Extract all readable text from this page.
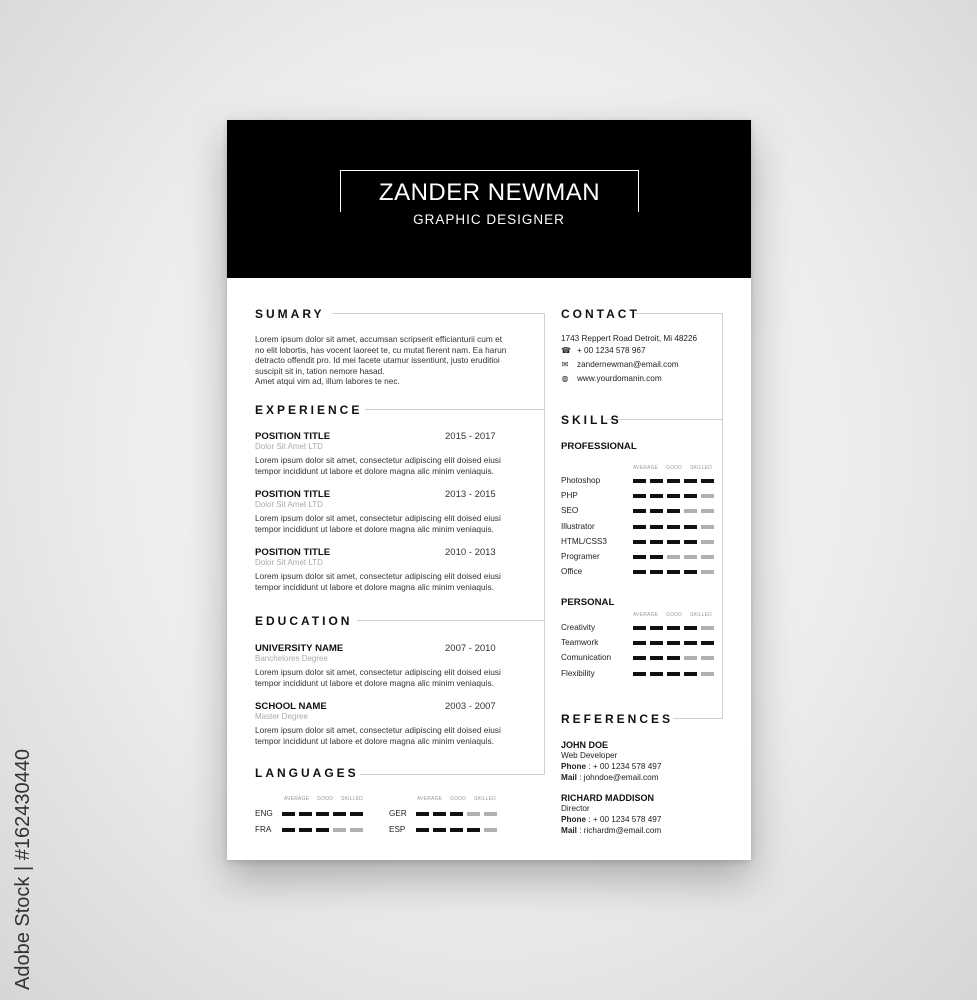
Adobe Stock | #162430440
ZANDER NEWMAN
GRAPHIC DESIGNER
SUMARY
Lorem ipsum dolor sit amet, accumsan scripserit efficianturii cum et
no elit lobortis, has vocent laoreet te, cu mutat fierent nam. Ea harun
detracto offendit pro. Id mei facete utamur issentiunt, justo eruditioi
suscipit sit in, tation nemore hasad.
Amet atqui vim ad, illum labores te nec.
EXPERIENCE
POSITION TITLE	2015 - 2017
Dolor Sit Amet LTD
Lorem ipsum dolor sit amet, consectetur adipiscing elit doised eiusi
tempor incididunt ut labore et dolore magna alic minim veniaquis.
POSITION TITLE	2013 - 2015
Dolor Sit Amet LTD
Lorem ipsum dolor sit amet, consectetur adipiscing elit doised eiusi
tempor incididunt ut labore et dolore magna alic minim veniaquis.
POSITION TITLE	2010 - 2013
Dolor Sit Amet LTD
Lorem ipsum dolor sit amet, consectetur adipiscing elit doised eiusi
tempor incididunt ut labore et dolore magna alic minim veniaquis.
EDUCATION
UNIVERSITY NAME	2007 - 2010
Banchelores Degree
Lorem ipsum dolor sit amet, consectetur adipiscing elit doised eiusi
tempor incididunt ut labore et dolore magna alic minim veniaquis.
SCHOOL NAME	2003 - 2007
Master Degree
Lorem ipsum dolor sit amet, consectetur adipiscing elit doised eiusi
tempor incididunt ut labore et dolore magna alic minim veniaquis.
LANGUAGES
AVERAGE GOOD SKILLED	AVERAGE GOOD SKILLED
ENG
FRA
GER
ESP
CONTACT
1743 Reppert Road Detroit, Mi 48226
☎ + 00 1234 578 967
✉ zandernewman@email.com
◍ www.yourdomanin.com
SKILLS
PROFESSIONAL
AVERAGE GOOD SKILLED
Photoshop
PHP
SEO
Illustrator
HTML/CSS3
Programer
Office
PERSONAL
AVERAGE GOOD SKILLED
Creativity
Teamwork
Comunication
Flexibility
REFERENCES
JOHN DOE
Web Developer
Phone : + 00 1234 578 497
Mail : johndoe@email.com
RICHARD MADDISON
Director
Phone : + 00 1234 578 497
Mail : richardm@email.com
